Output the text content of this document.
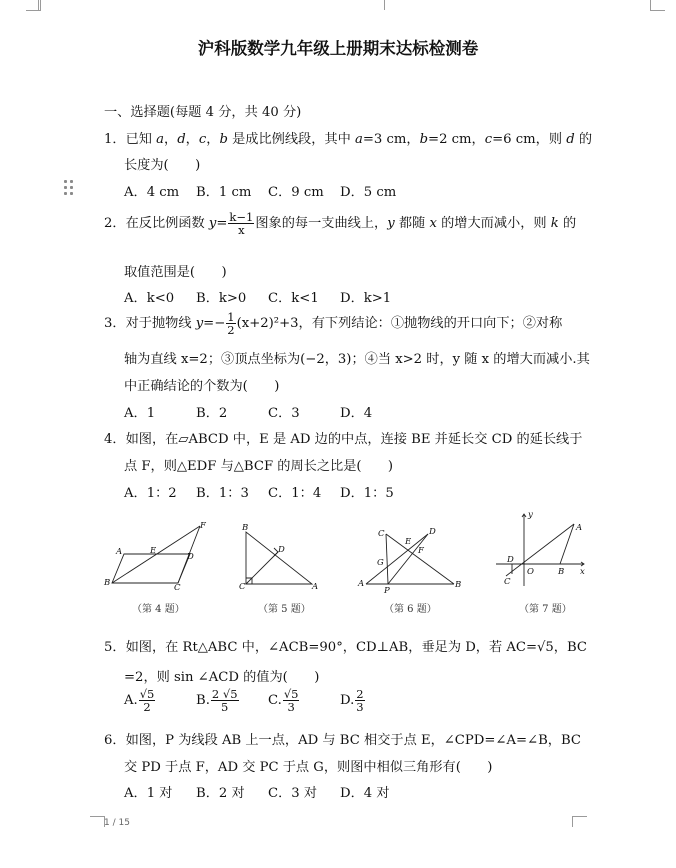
沪科版数学九年级上册期末达标检测卷
一、选择题(每题 4 分，共 40 分)
1．已知 a，d，c，b 是成比例线段，其中 a=3 cm，b=2 cm，c=6 cm，则 d 的
长度为(　　)
A．4 cm B．1 cm C．9 cm D．5 cm
2．在反比例函数 $y= \frac{k-1}{x}$ 图象的每一支曲线上，y 都随 x 的增大而减小，则 k 的
取值范围是(　　)
A．k<0 B．k>0 C．k<1 D．k>1
3．对于抛物线 $y=- \frac{1}{2} (x+2)^2+3$，有下列结论：①抛物线的开口向下；②对称
轴为直线 x=2；③顶点坐标为(−2，3)；④当 x>2 时，y 随 x 的增大而减小.其
中正确结论的个数为(　　)
A．1	B．2	C．3	D．4
4．如图，在▱ABCD 中，E 是 AD 边的中点，连接 BE 并延长交 CD 的延长线于
点 F，则△EDF 与△BCF 的周长之比是(　　)
A．1：2 B．1：3 C．1：4 D．1：5
F
A	E
D
B	C
（第 4 题）
B
D
C	A
（第 5 题）
C	D
E
F
G
A
P
B
（第 6 题）
y
A
D
C
O	B x
（第 7 题）
5．如图，在 Rt△ABC 中，∠ACB=90°，CD⊥AB，垂足为 D，若 AC=√5，BC
=2，则 sin ∠ACD 的值为(　　)
A. $\frac{√5}{2}$	B. $\frac{2 √5}{5} C$. $\frac{√5}{3}$	D. $\frac{2}{3}$
6．如图，P 为线段 AB 上一点，AD 与 BC 相交于点 E，∠CPD=∠A=∠B，BC
交 PD 于点 F，AD 交 PC 于点 G，则图中相似三角形有(　　)
A．1 对 B．2 对 C．3 对 D．4 对
1 / 15
